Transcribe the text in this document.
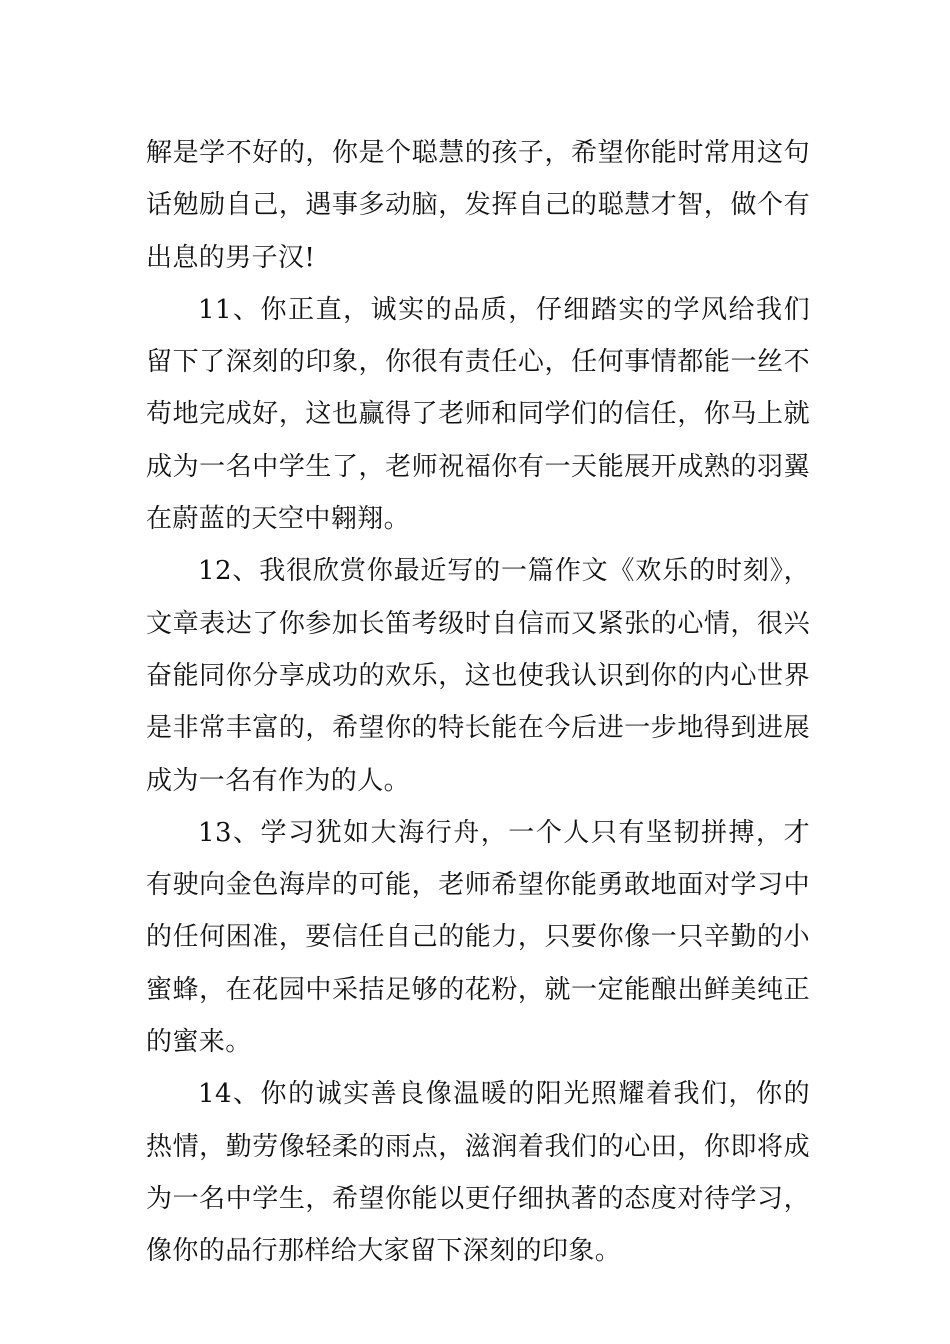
解是学不好的，你是个聪慧的孩子，希望你能时常用这句话勉励自己，遇事多动脑，发挥自己的聪慧才智，做个有出息的男子汉!

11、你正直，诚实的品质，仔细踏实的学风给我们留下了深刻的印象，你很有责任心，任何事情都能一丝不苟地完成好，这也赢得了老师和同学们的信任，你马上就成为一名中学生了，老师祝福你有一天能展开成熟的羽翼在蔚蓝的天空中翱翔。

12、我很欣赏你最近写的一篇作文《欢乐的时刻》，文章表达了你参加长笛考级时自信而又紧张的心情，很兴奋能同你分享成功的欢乐，这也使我认识到你的内心世界是非常丰富的，希望你的特长能在今后进一步地得到进展成为一名有作为的人。

13、学习犹如大海行舟，一个人只有坚韧拼搏，才有驶向金色海岸的可能，老师希望你能勇敢地面对学习中的任何困准，要信任自己的能力，只要你像一只辛勤的小蜜蜂，在花园中采拮足够的花粉，就一定能酿出鲜美纯正的蜜来。

14、你的诚实善良像温暖的阳光照耀着我们，你的热情，勤劳像轻柔的雨点，滋润着我们的心田，你即将成为一名中学生，希望你能以更仔细执著的态度对待学习，像你的品行那样给大家留下深刻的印象。
